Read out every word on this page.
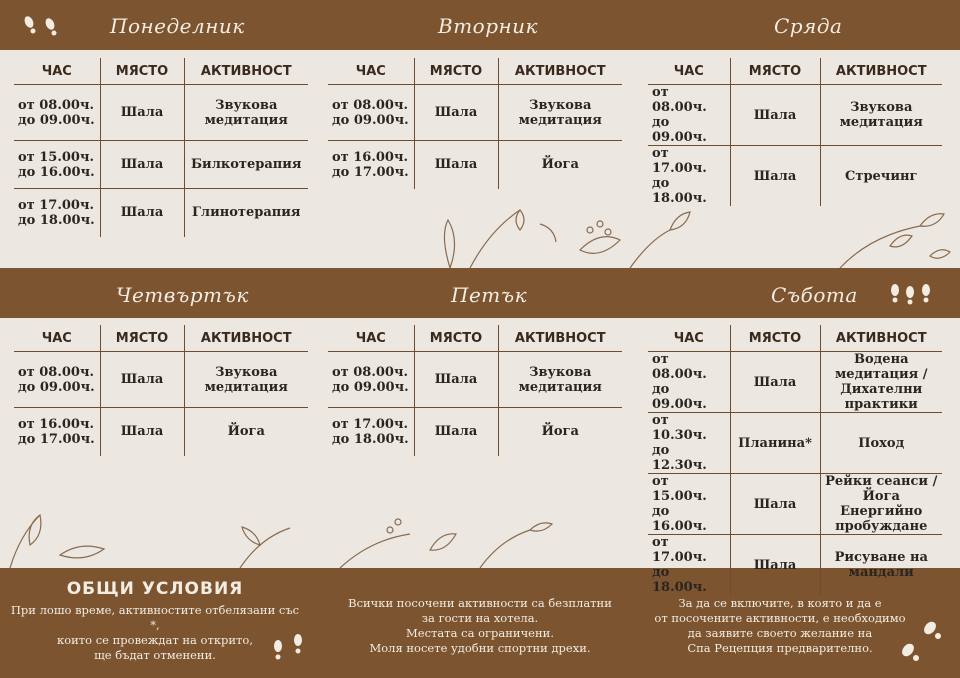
Понеделник	Вторник	Сряда
Четвъртък	Петък	Събота
ЧАС	МЯСТО	АКТИВНОСТ

от 08.00ч.
до 09.00ч.	Шала	Звукова медитация

от 15.00ч.
до 16.00ч.	Шала	Билкотерапия

от 17.00ч.
до 18.00ч.	Шала	Глинотерапия
ЧАС	МЯСТО	АКТИВНОСТ

от 08.00ч.
до 09.00ч.	Шала	Звукова медитация

от 16.00ч.
до 17.00ч.	Шала	Йога
ЧАС	МЯСТО	АКТИВНОСТ

от 08.00ч.
до 09.00ч.	Шала	Звукова медитация

от 17.00ч.
до 18.00ч.	Шала	Стречинг
ЧАС	МЯСТО	АКТИВНОСТ

от 08.00ч.
до 09.00ч.	Шала	Звукова медитация

от 16.00ч.
до 17.00ч.	Шала	Йога
ЧАС	МЯСТО	АКТИВНОСТ

от 08.00ч.
до 09.00ч.	Шала	Звукова медитация

от 17.00ч.
до 18.00ч.	Шала	Йога
ЧАС	МЯСТО	АКТИВНОСТ

от 08.00ч.
до 09.00ч.	Шала	Водена медитация / Дихателни практики

от 10.30ч.
до 12.30ч.	Планина*	Поход

от 15.00ч.
до 16.00ч.	Шала	Рейки сеанси / Йога Енергийно пробуждане

от 17.00ч.
до 18.00ч.	Шала	Рисуване на мандали
ОБЩИ УСЛОВИЯ
При лошо време, активностите отбелязани със *,
които се провеждат на открито,
ще бъдат отменени.
Всички посочени активности са безплатни
за гости на хотела.
Местата са ограничени.
Моля носете удобни спортни дрехи.
За да се включите, в която и да е
от посочените активности, е необходимо
да заявите своето желание на
Спа Рецепция предварително.
